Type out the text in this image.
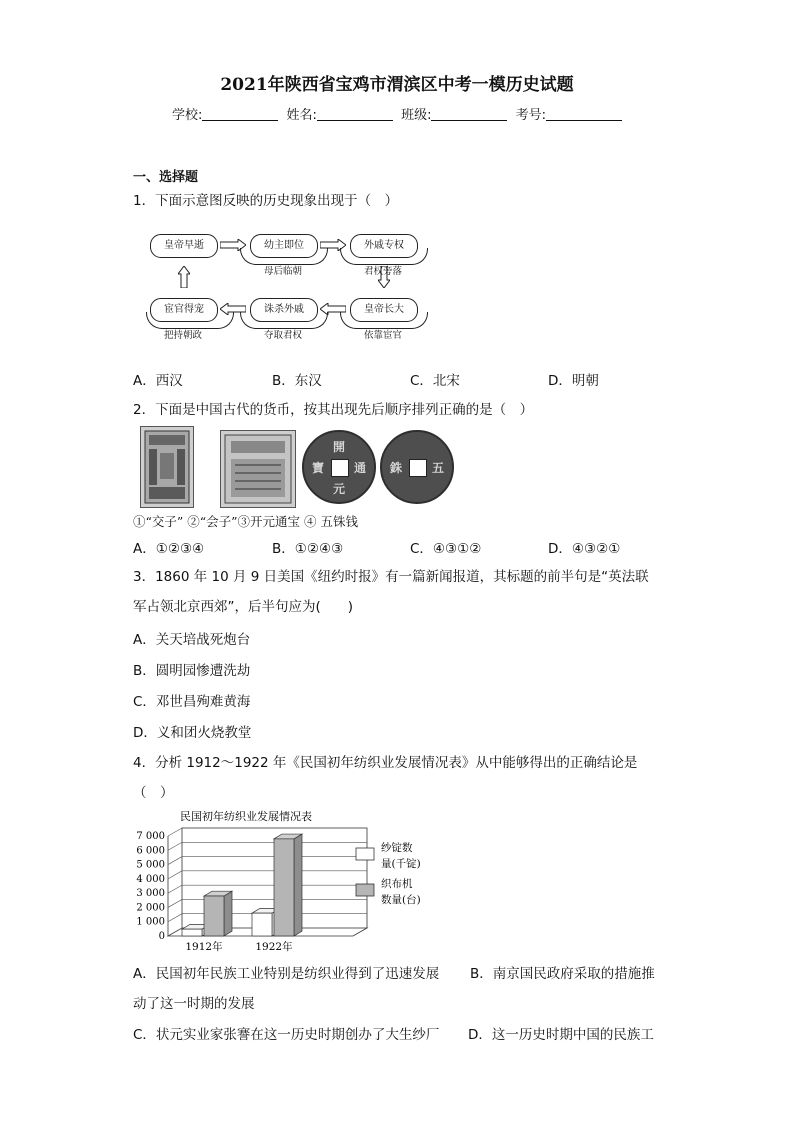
2021年陕西省宝鸡市渭滨区中考一模历史试题
学校:	姓名:	班级:	考号:
一、选择题
1．下面示意图反映的历史现象出现于（　）
皇帝早逝	幼主即位	外戚专权
皇帝长大
诛杀外戚
宦官得宠
母后临朝	君权旁落
依靠宦官
夺取君权
把持朝政
A．西汉	B．东汉	C．北宋	D．明朝
2．下面是中国古代的货币，按其出现先后顺序排列正确的是（　）
開
元
通
寶	五
銖
①“交子” ②“会子”③开元通宝 ④ 五铢钱
A．①②③④	B．①②④③	C．④③①②	D．④③②①
3．1860 年 10 月 9 日美国《纽约时报》有一篇新闻报道，其标题的前半句是“英法联
军占领北京西郊”，后半句应为(　　)
A．关天培战死炮台
B．圆明园惨遭洗劫
C．邓世昌殉难黄海
D．义和团火烧教堂
4．分析 1912～1922 年《民国初年纺织业发展情况表》从中能够得出的正确结论是
（　）
民国初年纺织业发展情况表
0
1 000
2 000
3 000
4 000
5 000
6 000
7 000
1912年	1922年
纱锭数
量(千锭)
织布机
数量(台)
A．民国初年民族工业特别是纺织业得到了迅速发展 B．南京国民政府采取的措施推
动了这一时期的发展
C．状元实业家张謇在这一历史时期创办了大生纱厂 D．这一历史时期中国的民族工
